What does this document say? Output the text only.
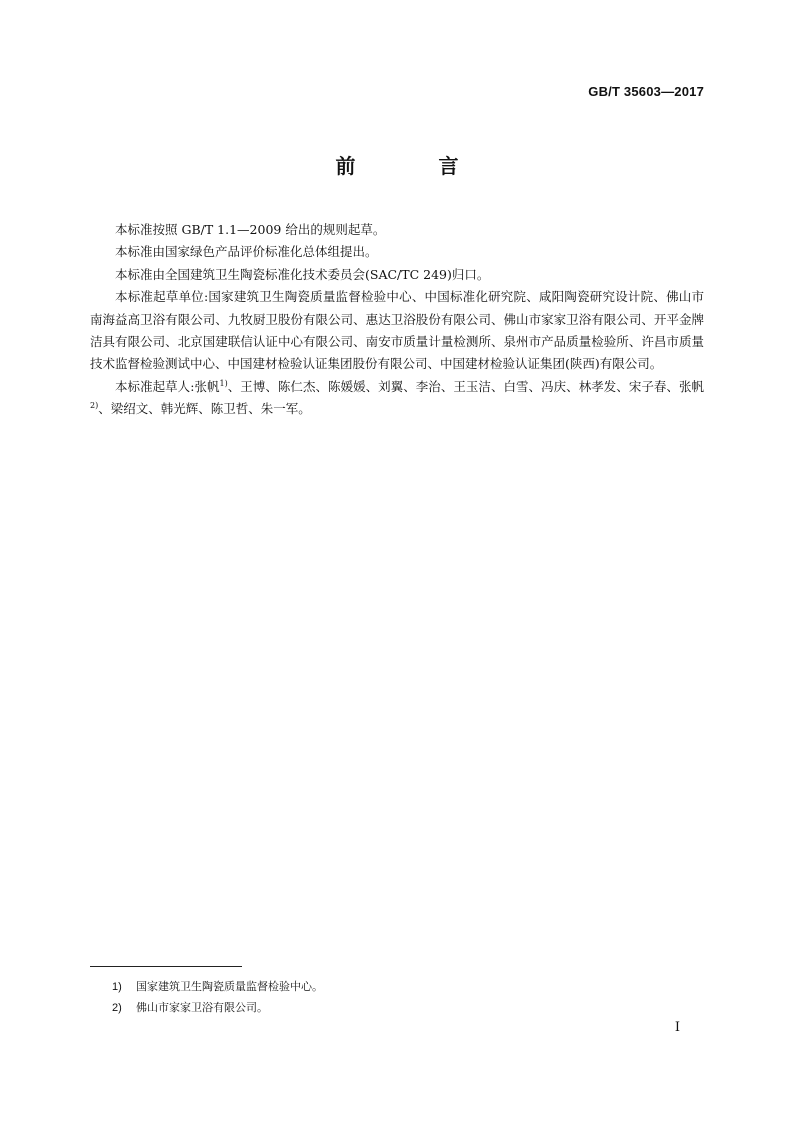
GB/T 35603—2017
前 言

本标准按照 GB/T 1.1—2009 给出的规则起草。

本标准由国家绿色产品评价标准化总体组提出。

本标准由全国建筑卫生陶瓷标准化技术委员会(SAC/TC 249)归口。

本标准起草单位:国家建筑卫生陶瓷质量监督检验中心、中国标准化研究院、咸阳陶瓷研究设计院、佛山市南海益高卫浴有限公司、九牧厨卫股份有限公司、惠达卫浴股份有限公司、佛山市家家卫浴有限公司、开平金牌洁具有限公司、北京国建联信认证中心有限公司、南安市质量计量检测所、泉州市产品质量检验所、许昌市质量技术监督检验测试中心、中国建材检验认证集团股份有限公司、中国建材检验认证集团(陕西)有限公司。

本标准起草人:张帆$^{1)}$、王博、陈仁杰、陈媛媛、刘翼、李治、王玉洁、白雪、冯庆、林孝发、宋子春、张帆$^{2)}$、梁绍文、韩光辉、陈卫哲、朱一军。

1) 国家建筑卫生陶瓷质量监督检验中心。
2) 佛山市家家卫浴有限公司。
I
